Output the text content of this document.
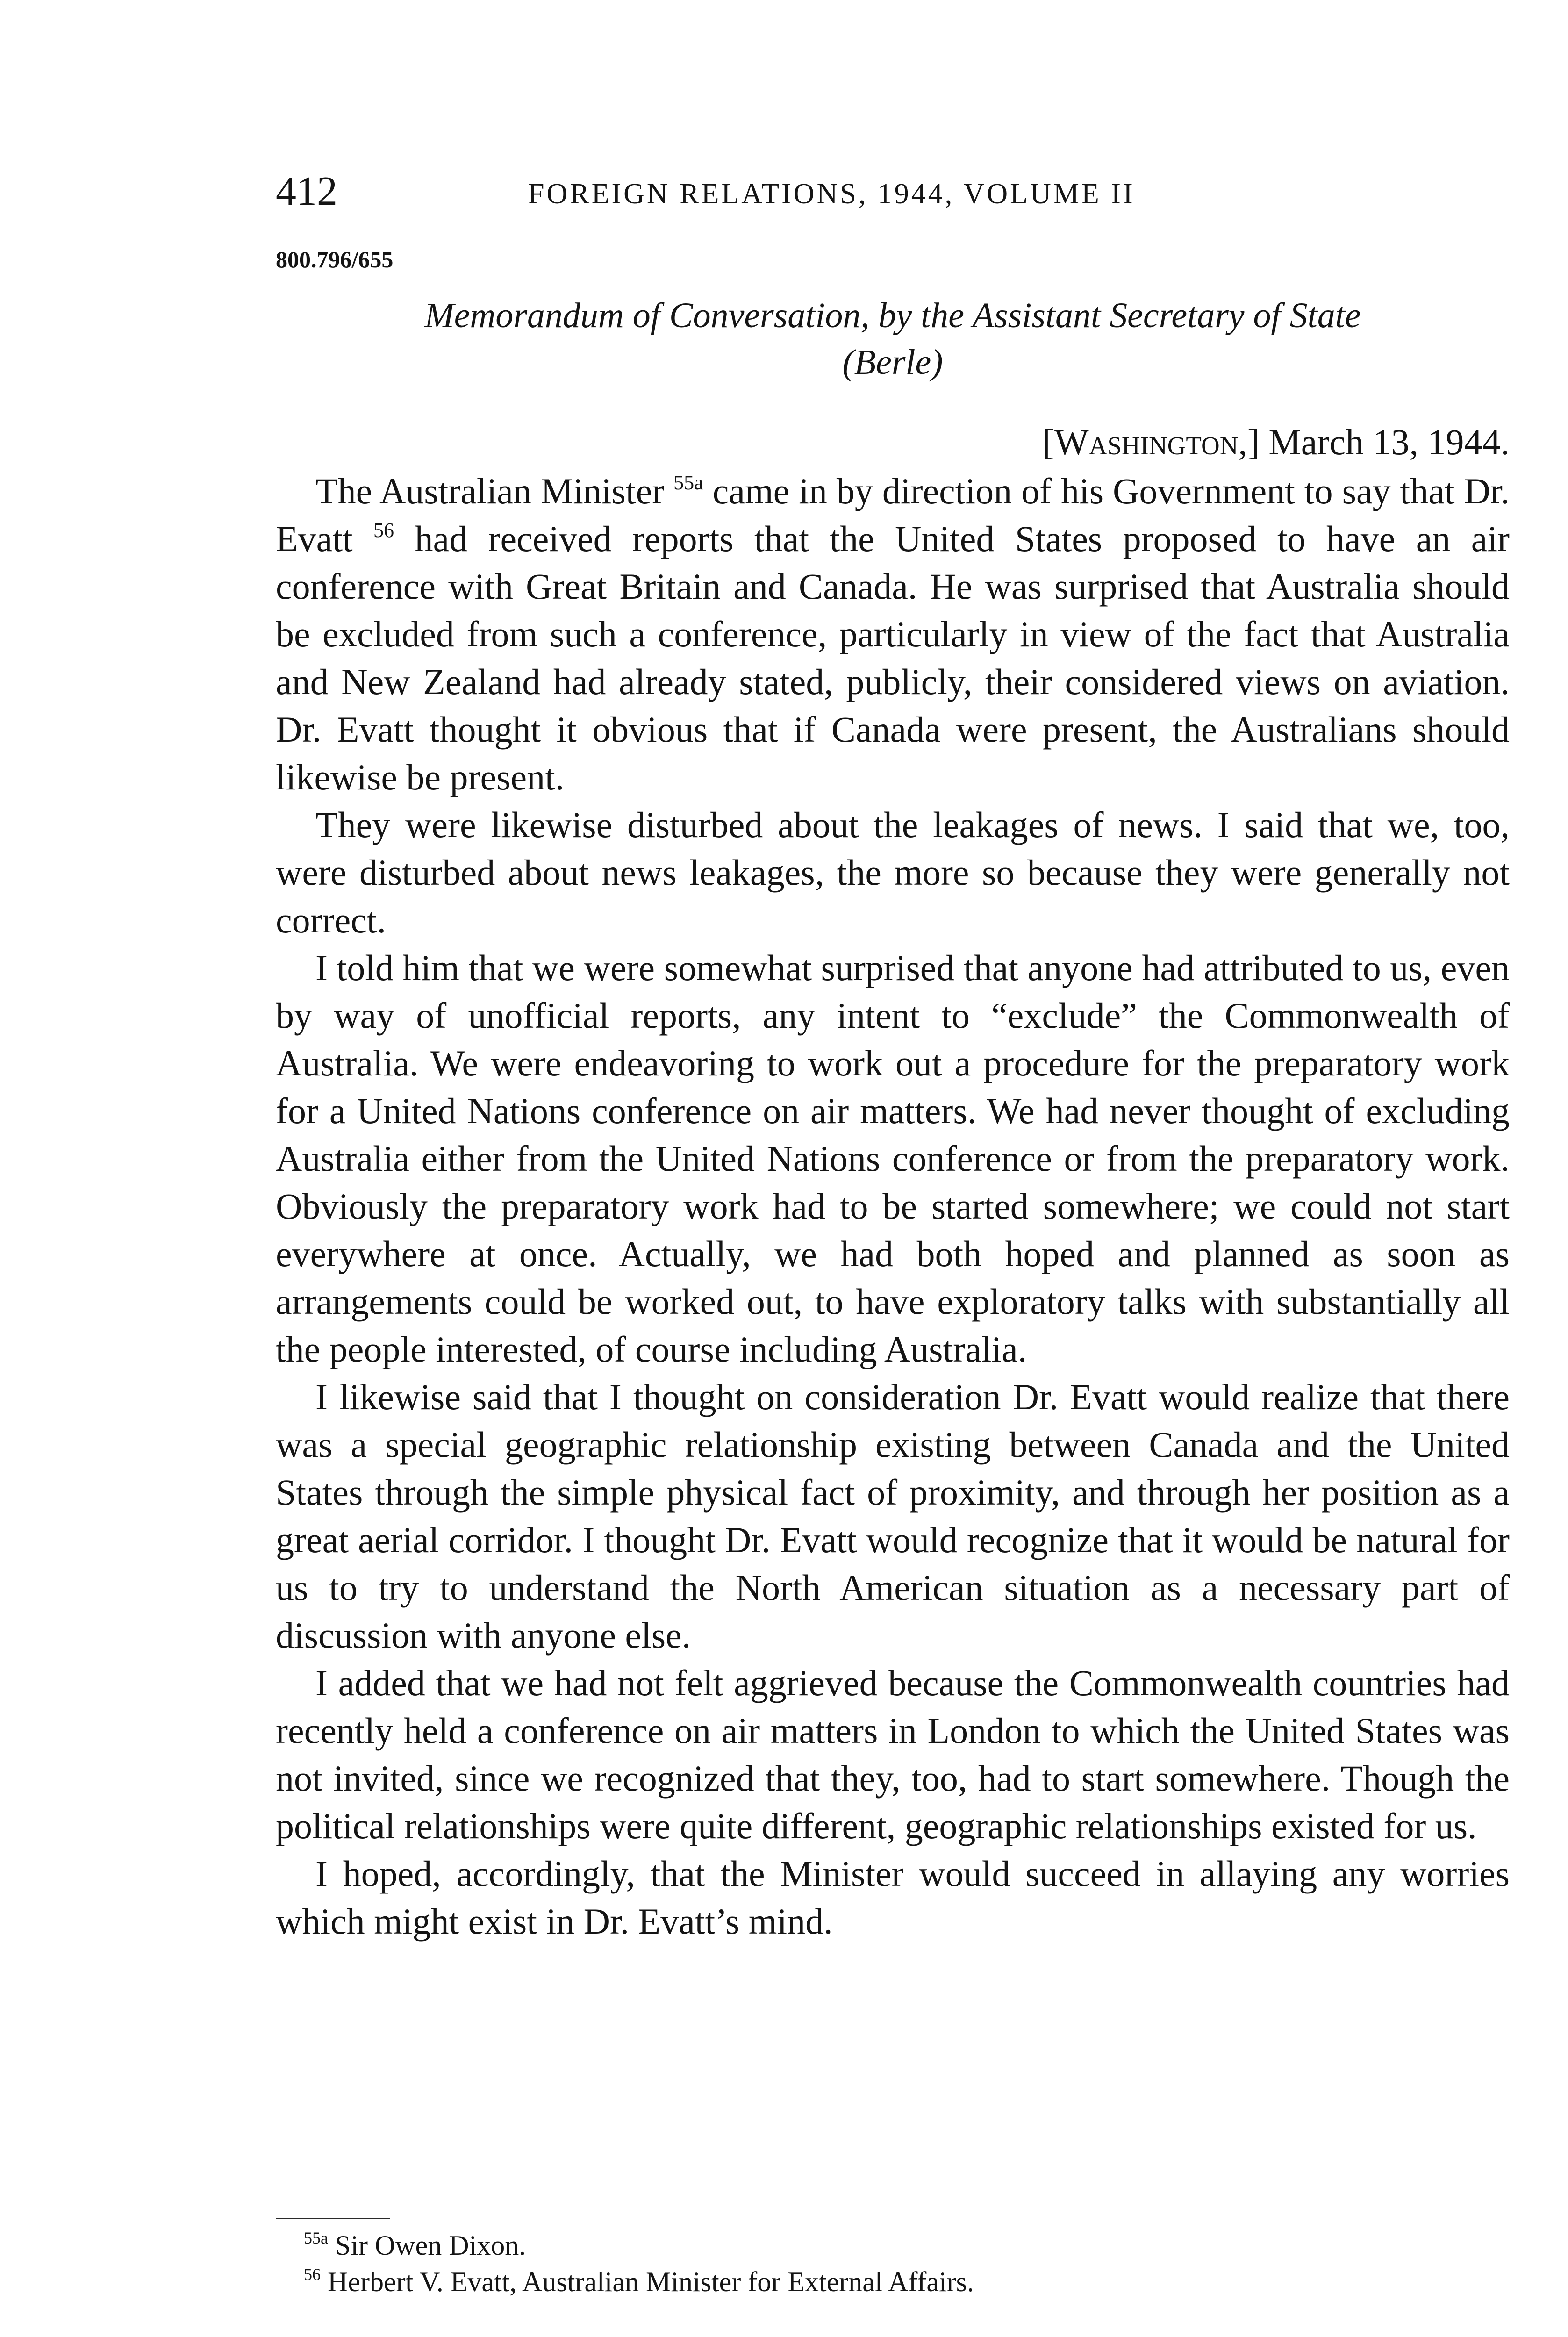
412	FOREIGN RELATIONS, 1944, VOLUME II
800.796/655
Memorandum of Conversation, by the Assistant Secretary of State
(Berle)
[Washington,] March 13, 1944.

The Australian Minister $^{55a}$ came in by direction of his Government to say that Dr. Evatt $^{56}$ had received reports that the United States proposed to have an air conference with Great Britain and Canada. He was surprised that Australia should be excluded from such a conference, particularly in view of the fact that Australia and New Zealand had already stated, publicly, their considered views on aviation. Dr. Evatt thought it obvious that if Canada were present, the Australians should likewise be present.

They were likewise disturbed about the leakages of news. I said that we, too, were disturbed about news leakages, the more so because they were generally not correct.

I told him that we were somewhat surprised that anyone had attributed to us, even by way of unofficial reports, any intent to “exclude” the Commonwealth of Australia. We were endeavoring to work out a procedure for the preparatory work for a United Nations conference on air matters. We had never thought of excluding Australia either from the United Nations conference or from the preparatory work. Obviously the preparatory work had to be started somewhere; we could not start everywhere at once. Actually, we had both hoped and planned as soon as arrangements could be worked out, to have exploratory talks with substantially all the people interested, of course including Australia.

I likewise said that I thought on consideration Dr. Evatt would realize that there was a special geographic relationship existing between Canada and the United States through the simple physical fact of proximity, and through her position as a great aerial corridor. I thought Dr. Evatt would recognize that it would be natural for us to try to understand the North American situation as a necessary part of discussion with anyone else.

I added that we had not felt aggrieved because the Commonwealth countries had recently held a conference on air matters in London to which the United States was not invited, since we recognized that they, too, had to start somewhere. Though the political relationships were quite different, geographic relationships existed for us.

I hoped, accordingly, that the Minister would succeed in allaying any worries which might exist in Dr. Evatt’s mind.

$^{55a}$ Sir Owen Dixon.
$^{56}$ Herbert V. Evatt, Australian Minister for External Affairs.
